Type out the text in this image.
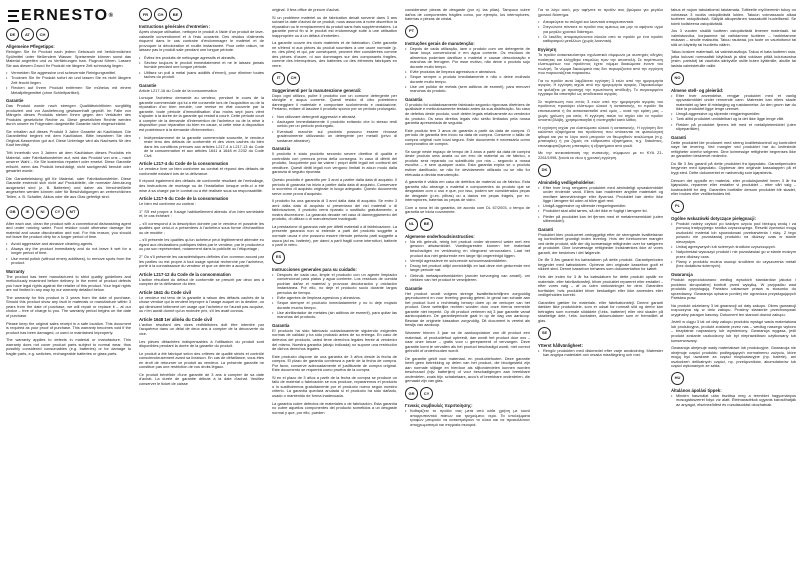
ERNESTO ®
DE	AT	CH
Allgemeine Pflegetipps:

Reinigen Sie Ihr Produkt nach jedem Gebrauch mit herkömmlichen Spülmittel unter fließendem Wasser. Speisereste können sonst das Material angreifen und zu Verfärbungen bzw. Flugrost führen. Lassen Sie aus diesem Grund Ihr Produkt nie längere Zeit schmutzig liegen.

• Vermeiden Sie aggressive und scheuernde Reinigungsmittel.
• Trocknen Sie Ihr Produkt sofort ab und lassen Sie es nicht längere Zeit feucht liegen.
• Flecken auf Ihrem Produkt entfernen Sie mühelos mit einem Metallpflegemittel (ohne Schleifpartikel).
Garantie

Das Produkt wurde nach strengen Qualitätsrichtlinien sorgfältig produziert und vor Auslieferung gewissenhaft geprüft. Im Falle von Mängeln dieses Produkts stehen Ihnen gegen den Verkäufer des Produkts gesetzliche Rechte zu. Diese gesetzlichen Rechte werden durch unsere im Folgenden dargestellte Garantie nicht eingeschränkt.

Sie erhalten auf dieses Produkt 3 Jahre Garantie ab Kaufdatum. Die Garantiefrist beginnt mit dem Kaufdatum. Bitte bewahren Sie den Original-Kassenbon gut auf. Diese Unterlage wird als Nachweis für den Kauf benötigt.

Tritt innerhalb von 3 Jahren ab dem Kaufdatum dieses Produkts ein Material- oder Fabrikationsfehler auf, wird das Produkt von uns – nach unserer Wahl – für Sie kostenlos repariert oder ersetzt. Diese Garantie erlischt, wenn das Produkt beschädigt, nicht sachgemäß benutzt oder gewartet wurde.

Die Garantieleistung gilt für Material- oder Fabrikationsfehler. Diese Garantie erstreckt sich nicht auf Produktteile, die normaler Abnutzung ausgesetzt sind (z. B. Batterien) und daher als Verschleißteile angesehen werden können oder für Beschädigungen an zerbrechlichen Teilen, z. B. Schalter, Akkus oder die aus Glas gefertigt sind.

GB	IE	NI	CY	MT

After each use, clean the product with a conventional dishwashing agent and under running water. Food residue could otherwise damage the material and cause discoloration and rust. For this reason, you should not leave the product dirty for a longer period of time.

• Avoid aggressive and abrasive cleaning agents.
• Always dry the product immediately and do not leave it wet for a longer period of time.
• Use metal polish (without emery additives), to remove spots from the product.
Warranty

The product has been manufactured to strict quality guidelines and meticulously examined before delivery. In the event of product defects you have legal rights against the retailer of this product. Your legal rights are not limited in any way by our warranty detailed below.

The warranty for this product is 3 years from the date of purchase. Should this product show any fault in materials or manufacture within 3 years from the date of purchase, we will repair or replace it – at our choice – free of charge to you. The warranty period begins on the date of purchase.

Please keep the original sales receipt in a safe location. This document is required as your proof of purchase. This warranty becomes void if the product has been damaged, or used or maintained improperly.

The warranty applies to defects in material or manufacture. This warranty does not cover product parts subject to normal wear, thus possibly considered consumables (e.g. batteries) or for damage to fragile parts, e.g. switches, rechargeable batteries or glass parts.

FR	CH	BE
Instructions générales d'entretien :

Après chaque utilisation, nettoyez le produit à l'aide d'un produit de lave-vaisselle conventionnel et à l'eau courante. Des résidus d'aliments risquent dans le cas contraire d'endommager le matériel et de provoquer la décoloration et rouille instantanée. Pour cette raison, ne laissez pas le produit sale pendant une longue période.

• Évitez les produits de nettoyage agressifs et abrasifs.
• Séchez toujours le produit immédiatement et ne le laissez jamais humide pendant une longue période.
• Utilisez un poli à métal (sans additifs d'émeri), pour éliminer toutes taches du produit.
Garantie

Article L217-16 du Code de la consommation

Lorsque l'acheteur demande au vendeur, pendant le cours de la garantie commerciale qui lui a été consentie lors de l'acquisition ou de la réparation d'un bien meuble, une remise en état couverte par la garantie, toute période d'immobilisation d'au moins sept jours vient s'ajouter à la durée de la garantie qui restait à courir. Cette période court à compter de la demande d'intervention de l'acheteur ou de la mise à disposition pour réparation du bien en cause, si cette mise à disposition est postérieure à la demande d'intervention.

• Indépendamment de la garantie commerciale souscrite, le vendeur reste tenu des défauts de conformité et des vices cachés du bien dans les conditions prévues aux articles L217-4 à L217-13 du Code de la consommation et aux articles 1641 à 1648 et 2232 du Code Civil.
Article L217-4 du Code de la consommation

Le vendeur livre un bien conforme au contrat et répond des défauts de conformité existant lors de la délivrance.

Il répond également des défauts de conformité résultant de l'emballage, des instructions de montage ou de l'installation lorsque celle-ci a été mise à sa charge par le contrat ou a été réalisée sous sa responsabilité.

Article L217-5 du Code de la consommation

Le bien est conforme au contrat :

1° S'il est propre à l'usage habituellement attendu d'un bien semblable et, le cas échéant :

– s'il correspond à la description donnée par le vendeur et possède les qualités que celui-ci a présentées à l'acheteur sous forme d'échantillon ou de modèle ;

– s'il présente les qualités qu'un acheteur peut légitimement attendre eu égard aux déclarations publiques faites par le vendeur, par le producteur ou par son représentant, notamment dans la publicité ou l'étiquetage ;

2° Ou s'il présente les caractéristiques définies d'un commun accord par les parties ou est propre à tout usage spécial recherché par l'acheteur, porté à la connaissance du vendeur et que ce dernier a accepté.

Article L217-12 du Code de la consommation

L'action résultant du défaut de conformité se prescrit par deux ans à compter de la délivrance du bien.

Article 1641 du Code civil

Le vendeur est tenu de la garantie à raison des défauts cachés de la chose vendue qui la rendent impropre à l'usage auquel on la destine, ou qui diminuent tellement cet usage que l'acheteur ne l'aurait pas acquise, ou n'en aurait donné qu'un moindre prix, s'il les avait connus.

Article 1648 1er alinéa du Code civil

L'action résultant des vices rédhibitoires doit être intentée par l'acquéreur dans un délai de deux ans à compter de la découverte du vice.

Les pièces détachées indispensables à l'utilisation du produit sont disponibles pendant la durée de la garantie du produit.

Le produit a été fabriqué selon des critères de qualité stricts et contrôlé consciencieusement avant sa livraison. En cas de défaillance, vous êtes en droit de retourner ce produit au vendeur. La présente garantie ne constitue pas une restriction de vos droits légaux.

Ce produit bénéficie d'une garantie de 3 ans à compter de sa date d'achat. La durée de garantie débute à la date d'achat. Veuillez conserver le ticket de caisse

original. Il fera office de preuve d'achat.

Si un problème matériel ou de fabrication devait survenir dans 3 ans suivant la date d'achat de ce produit, nous assurons à notre discrétion la réparation ou le remplacement du produit sans frais supplémentaires. La garantie prend fin si le produit est endommagé suite à une utilisation inappropriée ou à un défaut d'entretien.

La garantie couvre les vices matériels et de fabrication. Cette garantie ne s'étend ni aux pièces du produit soumises à une usure normale (p. ex. des piles) et qui, par conséquent, peuvent être considérées comme des pièces d'usure, ni aux dommages sur des composants fragiles, comme des interrupteurs, des batteries ou des éléments fabriqués en verre.

IT	CH
Suggerimenti per la manutenzione generali:

Dopo ogni utilizzo, pulire il prodotto con un comune detergente per stoviglie e acqua corrente. Questi residui di cibo potrebbero danneggiare il materiale e comportare scolorimento e ossidazione. Pertanto, evitare di lasciare il prodotto sporco per un periodo prolungato.

• Non utilizzare detergenti aggressivi e abrasivi.
• Asciugare immediatamente il prodotto evitando che lo stesso resti umido per un periodo prolungato.
• Eventuali macchie sul prodotto possono essere rimosse gradevolmente utilizzando un detergente per metalli (privo di sostanze abrasive).
Garanzia

Il prodotto è stato prodotto secondo severe direttive di qualità e controllato con premura prima della consegna. In caso di difetti del prodotto, l'acquirente può far valere i propri diritti legali nei confronti del venditore. Questi diritti legali non vengono limitati in alcun modo dalla garanzia di seguito riportata.

Questo prodotto è garantito per 3 anni a partire dalla data di acquisto. Il periodo di garanzia ha inizio a partire dalla data di acquisto. Conservare lo scontrino di acquisto originale in luogo adeguato. Questo documento serve come prova d'acquisto.

Il prodotto ha una garanzia di 3 anni dalla data di acquisto. Se entro 3 anni dalla data di acquisto si presentano dei vizi materiali o di fabbricazione, il prodotto verrà riparato o sostituito gratuitamente, a nostra discrezione. La garanzia decade nel caso di danneggiamento del prodotto, di utilizzo o di manutenzione inadeguati.

La prestazione di garanzia vale per difetti materiali o di fabbricazione. La presente garanzia non si estende a parti del prodotto soggette a normale usura e che possono essere ritenute pertanto parti soggette a usura (ad es. batterie), per danni a parti fragili come interruttori, batterie o parti in vetro.

ES
Instrucciones generales para su cuidado:
• Después de cada uso, limpie el producto con un agente limpiador convencional para platos y agua corriente. Los residuos de comida podrían dañar el material y provocar decoloración y oxidación instantánea. Por ello, no deje el producto sucio durante largos periodos de tiempo.
• Evite agentes de limpieza agresivos y abrasivos.
• Seque siempre el producto inmediatamente y no lo deje mojado durante mucho tiempo.
• Use abrillantador de metales (sin aditivos de esmeril), para quitar las manchas del producto.
Garantía

El producto ha sido fabricado cuidadosamente siguiendo exigentes normas de calidad y ha sido probado antes de su entrega. En caso de defectos del producto, usted tiene derechos legales frente al vendedor del mismo. Nuestra garantía (abajo indicada) no supone una restricción de dichos derechos legales.

Este producto dispone de una garantía de 3 años desde la fecha de compra. El plazo de garantía comienza a partir de la fecha de compra. Por favor, conserve adecuadamente el justificante de compra original. Este documento se requerirá como prueba de la compra.

Si en el plazo de 3 años a partir de la fecha de compra se produce un fallo de material o fabricación se nos produce, repararemos el producto o lo sustituiremos gratuitamente por el producto nuevo según nuestro criterio. La garantía quedará anulada si el producto ha sido dañado, usado o mantenido de forma inadecuada.

La garantía cubre defectos de materiales o de fabricación. Esta garantía no cubre aquellos componentes del producto sometidos a un desgaste normal y que, por ello, pueden

considerarse piezas de desgaste (por ej. las pilas). Tampoco cubre daños de componentes frágiles como, por ejemplo, los interruptores, baterías o piezas de cristal.

PT
Instruções gerais de manutenção:
• Depois de cada utilização, lave o produto com um detergente de lavar louça convencional e em água corrente. Os resíduos de alimentos poderiam danificar o material e causar descoloração e manchas de ferrugem. Por esse motivo, não deixe o produto sujo durante muito tempo.
• Evite produtos de limpeza agressivos e abrasivos.
• Seque sempre o produto imediatamente e não o deixe molhado durante muito tempo.
• Use um polidor de metais (sem aditivos de esmeril), para remover manchas do produto.
Garantia

O produto foi cuidadosamente fabricado segundo rigorosas diretrizes de qualidade e meticulosamente testado antes da sua distribuição. No caso de defeitos deste produto, você detém legais relativamente ao vendedor do produto. Os seus direitos legais não serão limitados pela nossa garantia apresentada de seguida.

Este produto tem 3 anos de garantia a partir da data de compra. O período de garantia tem início na data de compra. Conserve o talão de compra original num local seguro. Este documento é necessário como comprovativo de compra.

Se surgir neste espaço de tempo de 3 anos a partir da data de compra deste produto uma avaria ou um erro de material ou de fabrico, o produto será reparado ou substituído por nós – segundo a nossa escolha – e sem qualquer custo. Esta garantia expira se o produto estiver danificado, se não for devidamente utilizado ou se não for efetuada a devida manutenção.

A garantia é válida em caso de defeitos de material ou de fabrico. Esta garantia não abrange o material e componentes do produto que se desgastam com o uso e que, por isso, podem ser considerados peças de desgaste (p.ex. pilhas) ou a danos em peças frágeis, por ex. interruptores, baterias ou peças de vidro.

Com a nova lei da garantia, de acordo com DL 67/2003, o tempo de garantia se inicia novamente.

NL	BE
Algemene onderhoudsinstructies:
• Na elk gebruik, reinig het product onder stromend water met een gewoon afwasmiddel. Voedingsresten kunnen het materiaal beschadigen en verkleuring en vliegroest veroorzaken. Laat het product dus niet gedurende een lange tijd ongereinigd liggen.
• Vermijd agressieve en schurende schoonmaakmiddelen.
• Droog het product altijd onmiddellijk en laat deze niet gedurende een lange periode nat.
• Gebruik metaalpoetsmiddelen (zonder toevoeging van amaril), om vlekken van het product te verwijderen.
Garantie

Het product wordt volgens strenge kwaliteitsrichtlijnen zorgvuldig geproduceerd en voor levering grondig getest. In geval van schade aan het product kunt u rechtmatig beroep doen op de verkoper van het product. Deze wettelijke rechten worden door onze hierna vermelde garantie niet beperkt. Op dit product verlenen wij 3 jaar garantie vanaf aankoopdatum. De garantieperiode gaat in op de dag van aankoop. Bewaar de originele kassabon zorgvuldig. Dit document is vereist als bewijs van aankoop.

Wanneer binnen 3 jaar na de aankoopdatum van dit product een materiaal- of productiefout optreedt, dan wordt het product door ons – naar onze keuze – gratis voor u gerepareerd of vervangen. Deze garantie komt te vervallen als het product beschadigd wordt, niet correct gebruikt of onderhouden wordt.

De garantie geldt voor materiaal- en productiefouten. Deze garantie heeft geen betrekking op delen van het product, die blootgesteld zijn aan normale slijtage en hierdoor als slijtonderdelen kunnen worden beschouwd (bijv. batterijen) of voor beschadigingen aan breekbare onderdelen, zoals bijv. schakelaars, accu's of breekbare onderdelen, die gemaakt zijn van glas.

GR	CY
Γενικές συμβουλές περιποίησης:
• Καθαρίζετε το προϊόν σας μετά από κάθε χρήση με κοινό απορρυπαντικό πιάτων και τρεχούμενο νερό. Τα υπολείμματα τροφών μπορούν να καταστρέψουν το υλικό και να προκαλέσουν αποχρωματισμό και στιγμιαία σκουριά.

Για το λόγο αυτό, μην αφήνετε το προϊόν σας βρώμικο για μεγάλο χρονικό διάστημα.

• Αποφεύγετε τα σκληρά και λειαντικά απορρυπαντικά.
• Στεγνώνετε πάντοτε το προϊόν σας αμέσως και μην το αφήνετε υγρό για μεγάλο χρονικό διάστημα.
• Οι λεκέδες απομακρύνονται εύκολα από το προϊόν με ένα προϊόν καθαρισμού μετάλλων (χωρίς λειαντικά).
Εγγύηση

Το προϊόν κατασκευάστηκε σχολαστικά σύμφωνα με αυστηρές οδηγίες ποιότητας και ελέγχθηκε επιμελώς πριν την αποστολή. Σε περίπτωση ελαττωμάτων του προϊόντος έχετε νόμιμα δικαιώματα έναντι του πωλητή. Τα νόμιμα δικαιώματά σας δεν περιορίζονται από την εγγύηση που παρουσιάζεται παρακάτω.

Για το προϊόν αυτό λαμβάνετε εγγύηση 3 ετών από την ημερομηνία αγοράς. Η εγγύηση ισχύει από την ημερομηνία αγοράς. Παρακαλούμε να φυλάξετε με προσοχή την πρωτότυπη απόδειξη. Το συγκεκριμένο έγγραφο θα απαιτηθεί ως αποδεικτικό αγοράς.

Σε περίπτωση που εντός 3 ετών από την ημερομηνία αγοράς του προϊόντος προκύψει ελάττωμα υλικού ή κατασκευής, το προϊόν θα επισκευαστεί ή θα αντικατασταθεί από εμάς – κατά την κρίση μας – χωρίς χρέωση για εσάς. Η εγγύηση παύει να ισχύει εάν το προϊόν υποστεί βλάβη, χρησιμοποιηθεί ή συντηρηθεί κατά λάθος.

Η εγγύηση ισχύει για ελαττώματα υλικού ή κατασκευής. Η εγγύηση δεν καλύπτει εξαρτήματα του προϊόντος που υπόκεινται σε φυσιολογική φθορά και για το λόγο αυτό μπορούν να θεωρηθούν αναλώσιμα (π.χ. μπαταρίες) ή για ζημιές σε εύθραυστα εξαρτήματα, π.χ. διακόπτες, επαναφορτιζόμενες μπαταρίες ή εξαρτήματα από γυαλί.

Με την αντικατάσταση της συσκευής, σύμφωνα με το ΚΥΑ Ζ1-2261/1998, ξεκινά εκ νέου η χρονική εγγύηση.

DK
Almindelig vedligeholdelse:
• Efter hver brug rengøres produktet med almindeligt opvaskemiddel under rindende vand. Ellers kan madrester angribe materialet og medføre lønnevirkninger eller flyverust. Produktet bør derfor ikke ligge i længere tid uden at blive gjort rent.
• Undgå aggressive og slibende rengøringsmidler.
• Produktet skal altid tørres, så det ikke er fugtigt i længere tid.
• Pletter på produktet kan let fjernes med et metalrensemiddel (uden slibemiddel).
Garanti

Produktet blev produceret omhyggeligt efter de strengeste kvalitetskrav og kontrolleret grundigt inden levering. Hvis der forekommer mangler ved dette produkt, står der dig lovmæssige rettigheder over for sælgeren af produktet. Dine lovmæssige rettigheder indskrænkes ikke af vores garanti, der beskrives i det følgende.

De får 3 års garanti fra købsdatoen på dette produkt. Garantiperioden begynder med købsdatoen. Opbevar den originale kassebon godt et sikkert sted. Denne kassebon behøves som dokumentation for købet.

Hvis der inden for 3 år fra købsdatoen for dette produkt opstår en materiale- eller fabrikationsfejl, bliver produktet repareret eller erstattet – efter vores valg – af os uden omkostninger for dem. Garantien bortfalder, hvis produktet bliver beskadiget eller ikke anvendes eller vedligeholdes korrekt.

Garantien gælder for materiale- eller fabrikationsfejl. Denne garanti dækker ikke produktdele, som er udsat for normalt slid og derfor kan betragtes som normale slidddele (f.eks. batterier) eller ved skader på skrøbelige dele, f.eks. kontakter, akkumulatorer som er fremstillet af glas.

SE
Ytterst hållvänligheet:
• Rengör produkten med diskmedel efter varje användning. Matrester kan angripa materialet och orsaka missfärgning och rost.

tabus et nojom tabulatiomsi taiutamata. Toltteelle myöhemmin tukoy on voimassa 3 vuotta ostopäivästä lukien. Takuun voimassaolo alkaa tuotteen ostopäivästä. Säilytä alkuperäinen kassakuitti huolellisesti. Se toimii todisteena ostopäivästä.

Jos 3 vuoden sisällä tuotteen ostopäivästä ilmenee materiaali- tai valmistusvika, korjaamme tai vaihdamme tuotteen – harkintamme mukaan – sinulle maksutta. Takuu raukeaa, jos tuote on vaurioitunut tai sitä on käytetty tai huollettu väärin.

Takuu koskee materiaali- tai valmistusvikoja. Takuu ei kata tuotteen osia, jotka kuluvat normaalisti käytössä ja siksi voidaan pitää kulutusosina (esim. paristot) tai vaurioita särkyville osille kuten kytkimille, akuille tai lasista valmistetuille osille.

NO
Almene stell- og pleieråd:
• Etter hver anvendelse, rengjør produktet med et vanlig oppvaskmiddel under rennende vann. Matrester kan ellers skade materialet og føre til misfarging og rustdannelse. Av den grunn bør du ikke la produktet ligge lenge urenset.
• Unngå aggressive og slipende rengjøringsmidler.
• Tørk alltid produktet umiddelbart og la det ikke ligge lenge vått.
• Flekker på produktet fjernes lett med et metallpleiemiddel (uten slipepartikler).
Garanti

Dette produktet ble produsert med streng kvalitetskontroll og kontrollert nøye før levering. Ved mangler ved produktet har du lovfestede rettigheter overfor selgeren. Dine lovmessige rettigheter begrenses ikke av garantien beskrevet nedenfor.

Du får 3 års garanti på dette produktet fra kjøpsdato. Garantiperioden begynner med kjøpsdato. Oppbevar den originale kassalappen på et trygt sted. Dette dokumentet er nødvendig som kjøpsbevis.

Dersom det oppstår en material- eller produksjonsfeil innen 3 år fra kjøpsdato, reparerer eller erstatter vi produktet – etter vårt valg – kostnadsfritt for deg. Garantien bortfaller dersom produktet blir skadet, eller brukes eller vedlikeholdes feil.

PL
Ogólne wskazówki dotyczące pielęgnacji:
• Produkt należy czyścić po każdym użyciu pod bieżącą wodą i za pomocą tradycyjnego środka czyszczącego. Resztki żywności mogą uszkodzić materiał lub spowodować przebarwienia i rdzę. Z tego powodu nie pozostawiaj produktu na dłuższy czas w stanie nieczystym.
• Unikaj agresywnych lub ściernych środków czyszczących.
• Natychmiast wysuszyć produkt i nie pozostawiać go w stanie mokrym przez dłuższy czas.
• Plamy z produktu można usunąć środkiem do czyszczenia metali (bez dodatków ściernych).
Gwarancja

Produkt wyprodukowano według wysokich standardów jakości i poddano skrupulatnej kontroli przed wysyłką. W przypadku wad produktu przysługują Państwu ustawowe prawa w stosunku do sprzedawcy. Gwarancja opisana poniżej nie ogranicza przysługujących Państwu praw.

Na produkt udzielamy 3 lat gwarancji od daty zakupu. Okres gwarancji rozpoczyna się w dniu zakupu. Prosimy starannie przechowywać oryginalny paragon kasowy. Dokument ten stanowi dowód zakupu.

Jeżeli w ciągu 3 lat od daty zakupu produktu wystąpi wada materiałowa lub produkcyjna, produkt zostanie przez nas – według naszego wyboru – bezpłatnie naprawiony lub wymieniony. Gwarancja wygasa, jeśli produkt zostanie uszkodzony lub był nieprawidłowo użytkowany lub konserwowany.

Gwarancja obejmuje wady materiałowe lub produkcyjne. Gwarancja nie obejmuje części produktu podlegających normalnemu zużyciu, które mogą być uważane za części eksploatacyjne (np. baterie), ani uszkodzeń delikatnych części, np. przełączników, akumulatorów lub części wykonanych ze szkła.

HU
Általános ápolási tippek:
• Minden használat után tisztítsa meg a terméket hagyományos mosogatószerrel folyó víz alatt. Ételmaradékok ugyanis károsíthatják az anyagot, elszíneződést és rozsdásodást okozhatnak.
